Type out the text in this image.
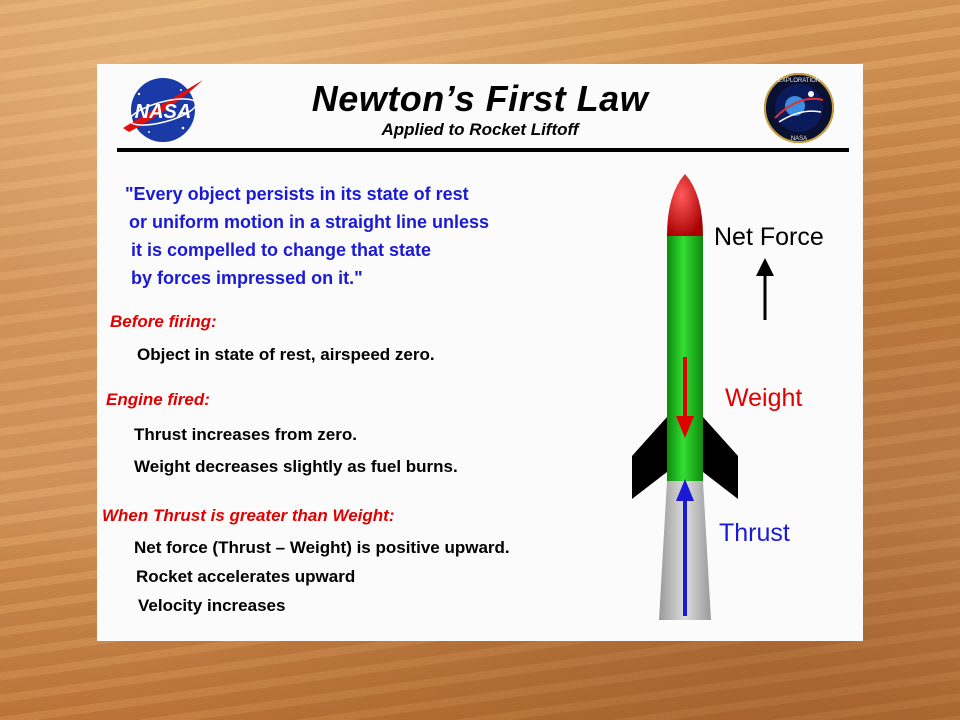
NASA
EXPLORATION
NASA
Newton’s First Law
Applied to Rocket Liftoff
"Every object persists in its state of rest
or uniform motion in a straight line unless
it is compelled to change that state
by forces impressed on it."
Before firing:
Object in state of rest, airspeed zero.
Engine fired:
Thrust increases from zero.
Weight decreases slightly as fuel burns.
When Thrust is greater than Weight:
Net force (Thrust – Weight) is positive upward.
Rocket accelerates upward
Velocity increases
Net Force
Weight
Thrust
